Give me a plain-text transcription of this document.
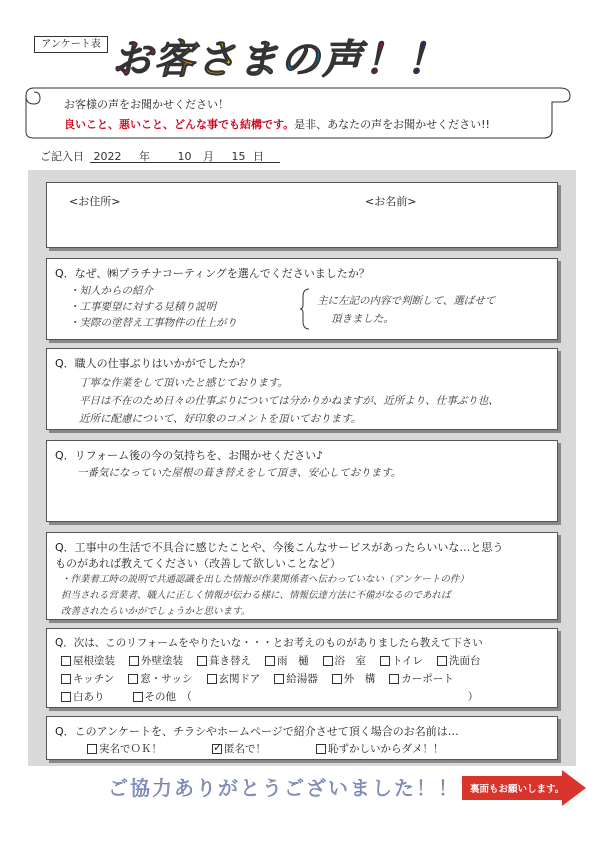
アンケート表 お客さまの声！！
お客様の声をお聞かせください！
良いこと、悪いこと、どんな事でも結構です。是非、あなたの声をお聞かせください!!
ご記入日 2022 年	10 月 15 日
<お住所>	<お名前>
Q．なぜ、㈱プラチナコーティングを選んでくださいましたか？
・知人からの紹介
・工事要望に対する見積り説明
・実際の塗替え工事物件の仕上がり
主に左記の内容で判断して、選ばせて
頂きました。
Q．職人の仕事ぶりはいかがでしたか？
丁寧な作業をして頂いたと感じております。
平日は不在のため日々の仕事ぶりについては分かりかねますが、近所より、仕事ぶり也、
近所に配慮について、好印象のコメントを頂いております。
Q．リフォーム後の今の気持ちを、お聞かせください♪
一番気になっていた屋根の葺き替えをして頂き、安心しております。
Q．工事中の生活で不具合に感じたことや、今後こんなサービスがあったらいいな…と思う
ものがあれば教えてください（改善して欲しいことなど）
・作業着工時の説明で共通認識を出した情報が作業関係者へ伝わっていない（アンケートの件）
担当される営業者、職人に正しく情報が伝わる様に、情報伝達方法に不備がなるのであれば
改善されたらいかがでしょうかと思います。
Q．次は、このリフォームをやりたいな・・・とお考えのものがありましたら教えて下さい
屋根塗装 外壁塗装 葺き替え 雨　樋 浴　室 トイレ 洗面台
キッチン 窓・サッシ 玄関ドア 給湯器 外　構 カーポート
白あり	その他　（	）
Q．このアンケートを、チラシやホームページで紹介させて頂く場合のお名前は…
実名でＯＫ！
✓	匿名で！	恥ずかしいからダメ！！
ご協力ありがとうございました！！ 裏面もお願いします。
